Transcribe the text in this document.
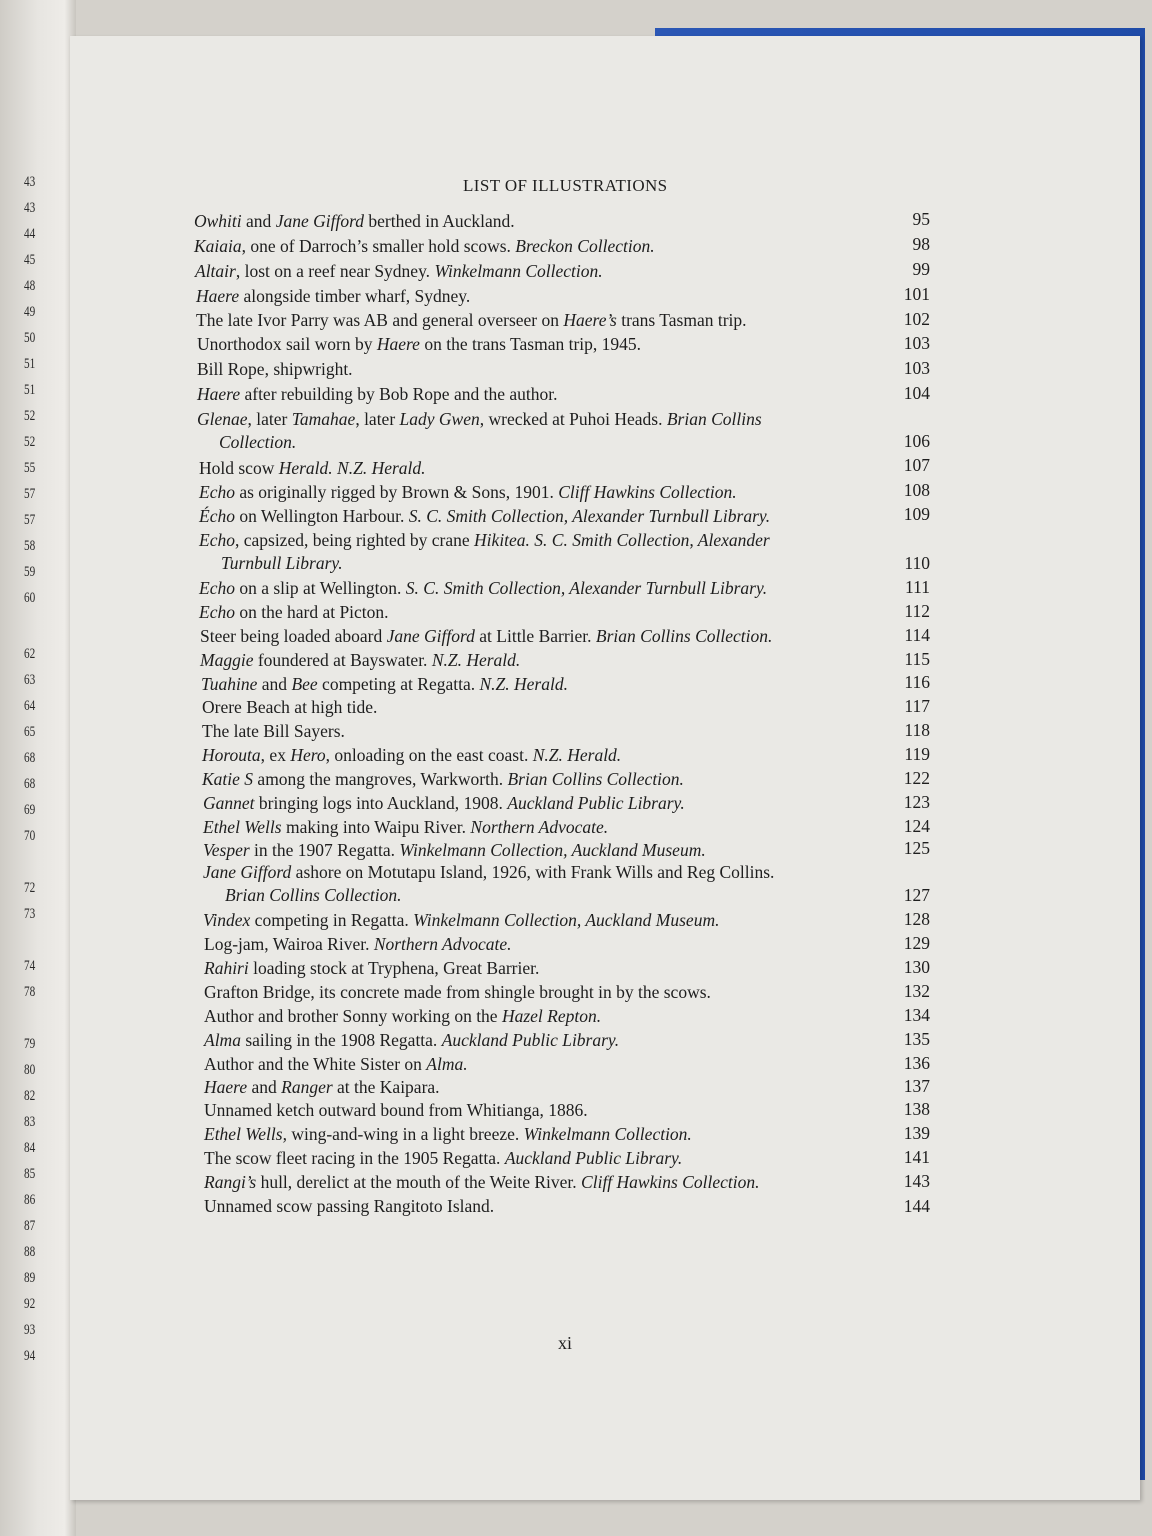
43
43
44
45
48
49
50
51
51
52
52
55
57
57
58
59
60
62
63
64
65
68
68
69
70
72
73
74
78
79
80
82
83
84
85
86
87
88
89
92
93
94
LIST OF ILLUSTRATIONS
Owhiti and Jane Gifford berthed in Auckland.	95
Kaiaia, one of Darroch’s smaller hold scows. Breckon Collection.	98
Altair, lost on a reef near Sydney. Winkelmann Collection.	99
Haere alongside timber wharf, Sydney.	101
The late Ivor Parry was AB and general overseer on Haere’s trans Tasman trip.	102
Unorthodox sail worn by Haere on the trans Tasman trip, 1945.	103
Bill Rope, shipwright.	103
Haere after rebuilding by Bob Rope and the author.	104
Glenae, later Tamahae, later Lady Gwen, wrecked at Puhoi Heads. Brian Collins
Collection.	106
Hold scow Herald. N.Z. Herald.	107
Echo as originally rigged by Brown & Sons, 1901. Cliff Hawkins Collection.	108
Écho on Wellington Harbour. S. C. Smith Collection, Alexander Turnbull Library.	109
Echo, capsized, being righted by crane Hikitea. S. C. Smith Collection, Alexander
Turnbull Library.	110
Echo on a slip at Wellington. S. C. Smith Collection, Alexander Turnbull Library.	111
Echo on the hard at Picton.	112
Steer being loaded aboard Jane Gifford at Little Barrier. Brian Collins Collection.	114
Maggie foundered at Bayswater. N.Z. Herald.	115
Tuahine and Bee competing at Regatta. N.Z. Herald.	116
Orere Beach at high tide.	117
The late Bill Sayers.	118
Horouta, ex Hero, onloading on the east coast. N.Z. Herald.	119
Katie S among the mangroves, Warkworth. Brian Collins Collection.	122
Gannet bringing logs into Auckland, 1908. Auckland Public Library.	123
Ethel Wells making into Waipu River. Northern Advocate.	124
Vesper in the 1907 Regatta. Winkelmann Collection, Auckland Museum.	125
Jane Gifford ashore on Motutapu Island, 1926, with Frank Wills and Reg Collins.
Brian Collins Collection.	127
Vindex competing in Regatta. Winkelmann Collection, Auckland Museum.	128
Log-jam, Wairoa River. Northern Advocate.	129
Rahiri loading stock at Tryphena, Great Barrier.	130
Grafton Bridge, its concrete made from shingle brought in by the scows.	132
Author and brother Sonny working on the Hazel Repton.	134
Alma sailing in the 1908 Regatta. Auckland Public Library.	135
Author and the White Sister on Alma.	136
Haere and Ranger at the Kaipara.	137
Unnamed ketch outward bound from Whitianga, 1886.	138
Ethel Wells, wing-and-wing in a light breeze. Winkelmann Collection.	139
The scow fleet racing in the 1905 Regatta. Auckland Public Library.	141
Rangi’s hull, derelict at the mouth of the Weite River. Cliff Hawkins Collection.	143
Unnamed scow passing Rangitoto Island.	144
xi
